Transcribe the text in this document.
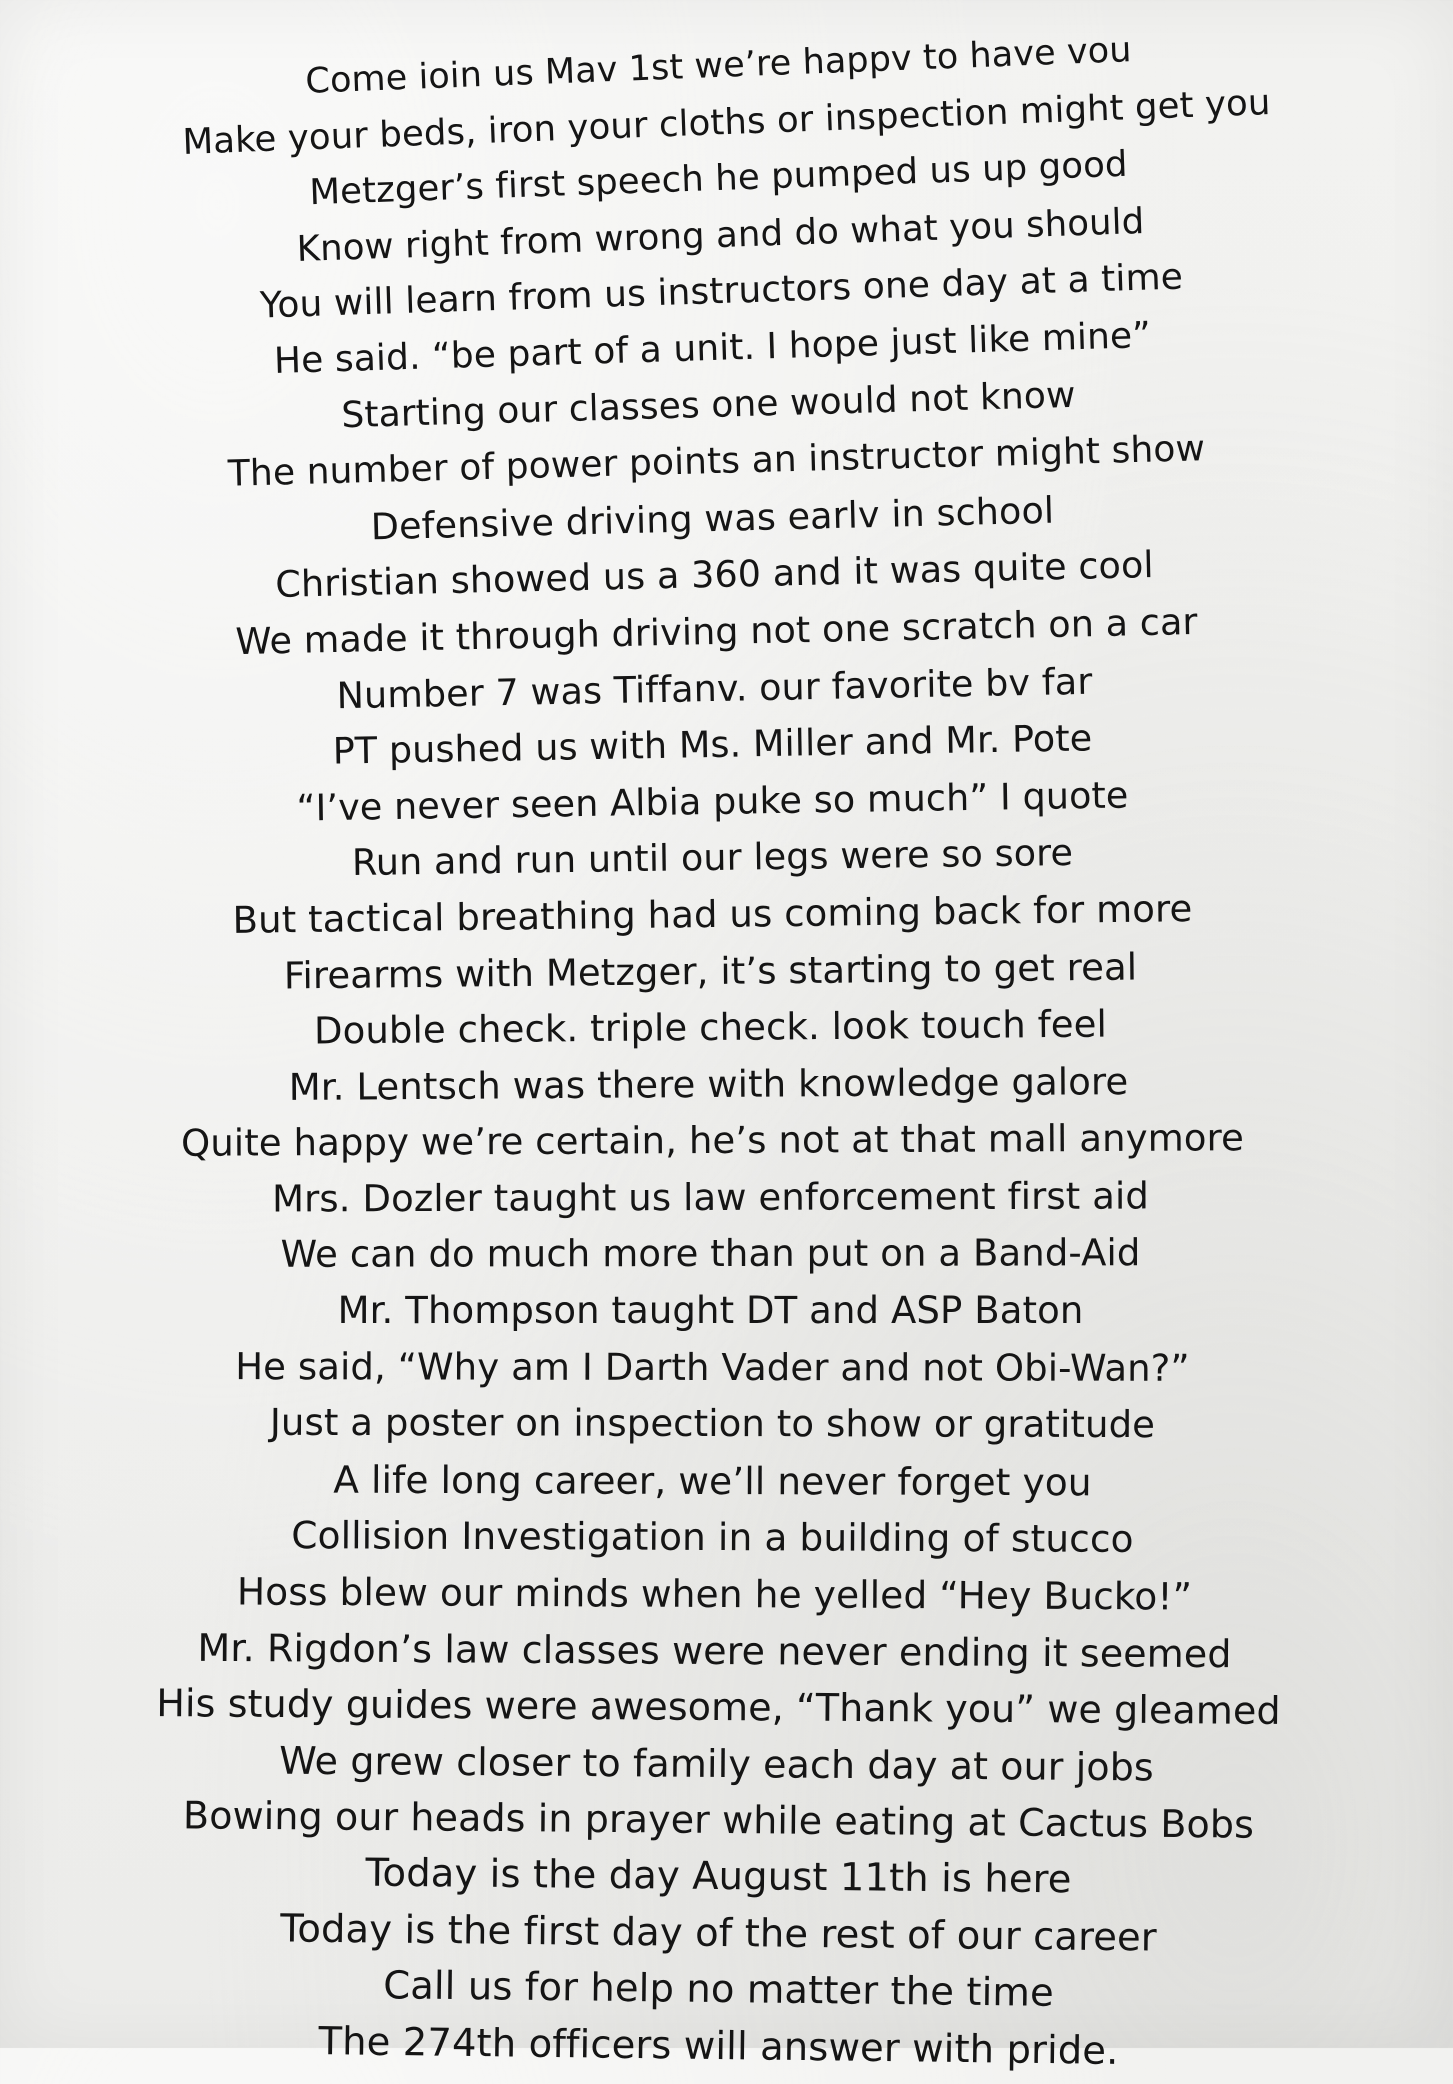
Come ioin us Mav 1st we’re happv to have vou
Make your beds, iron your cloths or inspection might get you
Metzger’s first speech he pumped us up good
Know right from wrong and do what you should
You will learn from us instructors one day at a time
He said. “be part of a unit. I hope just like mine”
Starting our classes one would not know
The number of power points an instructor might show
Defensive driving was earlv in school
Christian showed us a 360 and it was quite cool
We made it through driving not one scratch on a car
Number 7 was Tiffanv. our favorite bv far
PT pushed us with Ms. Miller and Mr. Pote
“I’ve never seen Albia puke so much” I quote
Run and run until our legs were so sore
But tactical breathing had us coming back for more
Firearms with Metzger, it’s starting to get real
Double check. triple check. look touch feel
Mr. Lentsch was there with knowledge galore
Quite happy we’re certain, he’s not at that mall anymore
Mrs. Dozler taught us law enforcement first aid
We can do much more than put on a Band-Aid
Mr. Thompson taught DT and ASP Baton
He said, “Why am I Darth Vader and not Obi-Wan?”
Just a poster on inspection to show or gratitude
A life long career, we’ll never forget you
Collision Investigation in a building of stucco
Hoss blew our minds when he yelled “Hey Bucko!”
Mr. Rigdon’s law classes were never ending it seemed
His study guides were awesome, “Thank you” we gleamed
We grew closer to family each day at our jobs
Bowing our heads in prayer while eating at Cactus Bobs
Today is the day August 11th is here
Today is the first day of the rest of our career
Call us for help no matter the time
The 274th officers will answer with pride.
